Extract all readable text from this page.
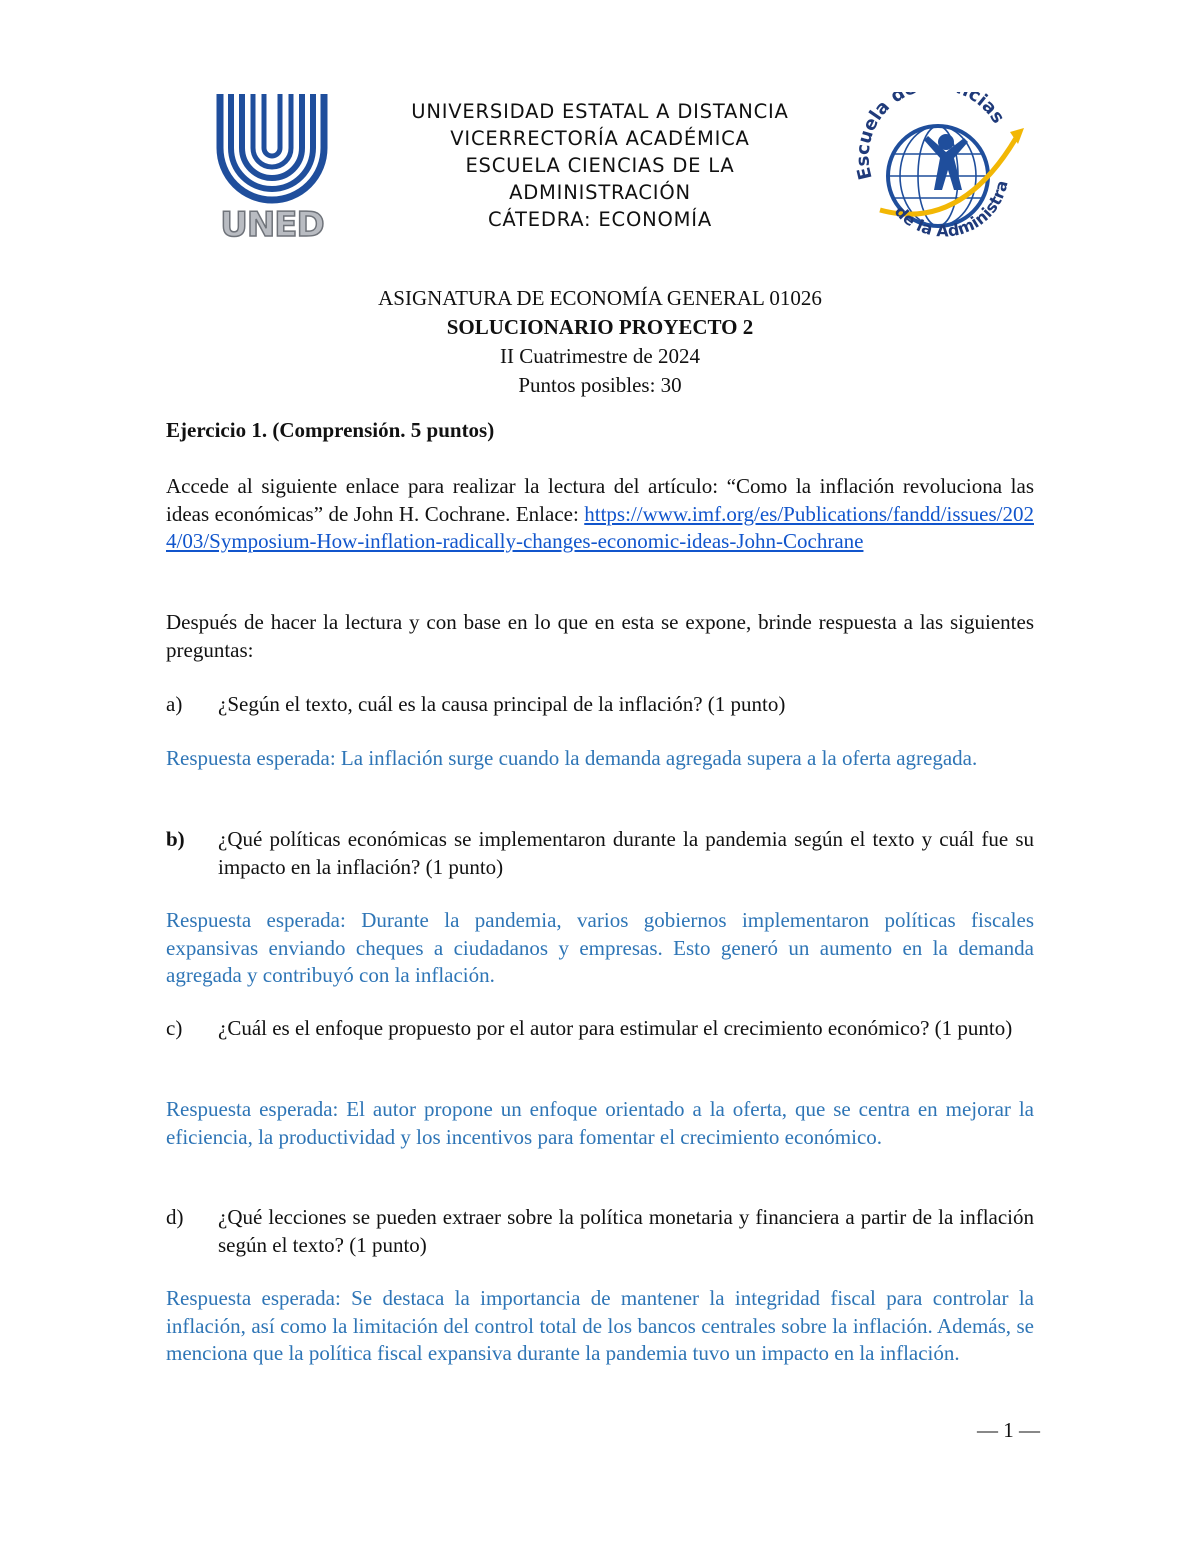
UNED
UNIVERSIDAD ESTATAL A DISTANCIA
VICERRECTORÍA ACADÉMICA
ESCUELA CIENCIAS DE LA
ADMINISTRACIÓN
CÁTEDRA: ECONOMÍA
Escuela d cias
de la Administra
ASIGNATURA DE ECONOMÍA GENERAL 01026
SOLUCIONARIO PROYECTO 2
II Cuatrimestre de 2024
Puntos posibles: 30
Ejercicio 1. (Comprensión. 5 puntos)
Accede al siguiente enlace para realizar la lectura del artículo: “Como la inflación revoluciona las ideas económicas” de John H. Cochrane. Enlace: https://www.imf.org/es/Publications/fandd/issues/2024/03/Symposium-How-inflation-radically-changes-economic-ideas-John-Cochrane
Después de hacer la lectura y con base en lo que en esta se expone, brinde respuesta a las siguientes preguntas:
a)	¿Según el texto, cuál es la causa principal de la inflación? (1 punto)
Respuesta esperada: La inflación surge cuando la demanda agregada supera a la oferta agregada.
b)	¿Qué políticas económicas se implementaron durante la pandemia según el texto y cuál fue su impacto en la inflación? (1 punto)
Respuesta esperada: Durante la pandemia, varios gobiernos implementaron políticas fiscales expansivas enviando cheques a ciudadanos y empresas. Esto generó un aumento en la demanda agregada y contribuyó con la inflación.
c)	¿Cuál es el enfoque propuesto por el autor para estimular el crecimiento económico? (1 punto)
Respuesta esperada: El autor propone un enfoque orientado a la oferta, que se centra en mejorar la eficiencia, la productividad y los incentivos para fomentar el crecimiento económico.
d)	¿Qué lecciones se pueden extraer sobre la política monetaria y financiera a partir de la inflación según el texto? (1 punto)
Respuesta esperada: Se destaca la importancia de mantener la integridad fiscal para controlar la inflación, así como la limitación del control total de los bancos centrales sobre la inflación. Además, se menciona que la política fiscal expansiva durante la pandemia tuvo un impacto en la inflación.
— 1 —
